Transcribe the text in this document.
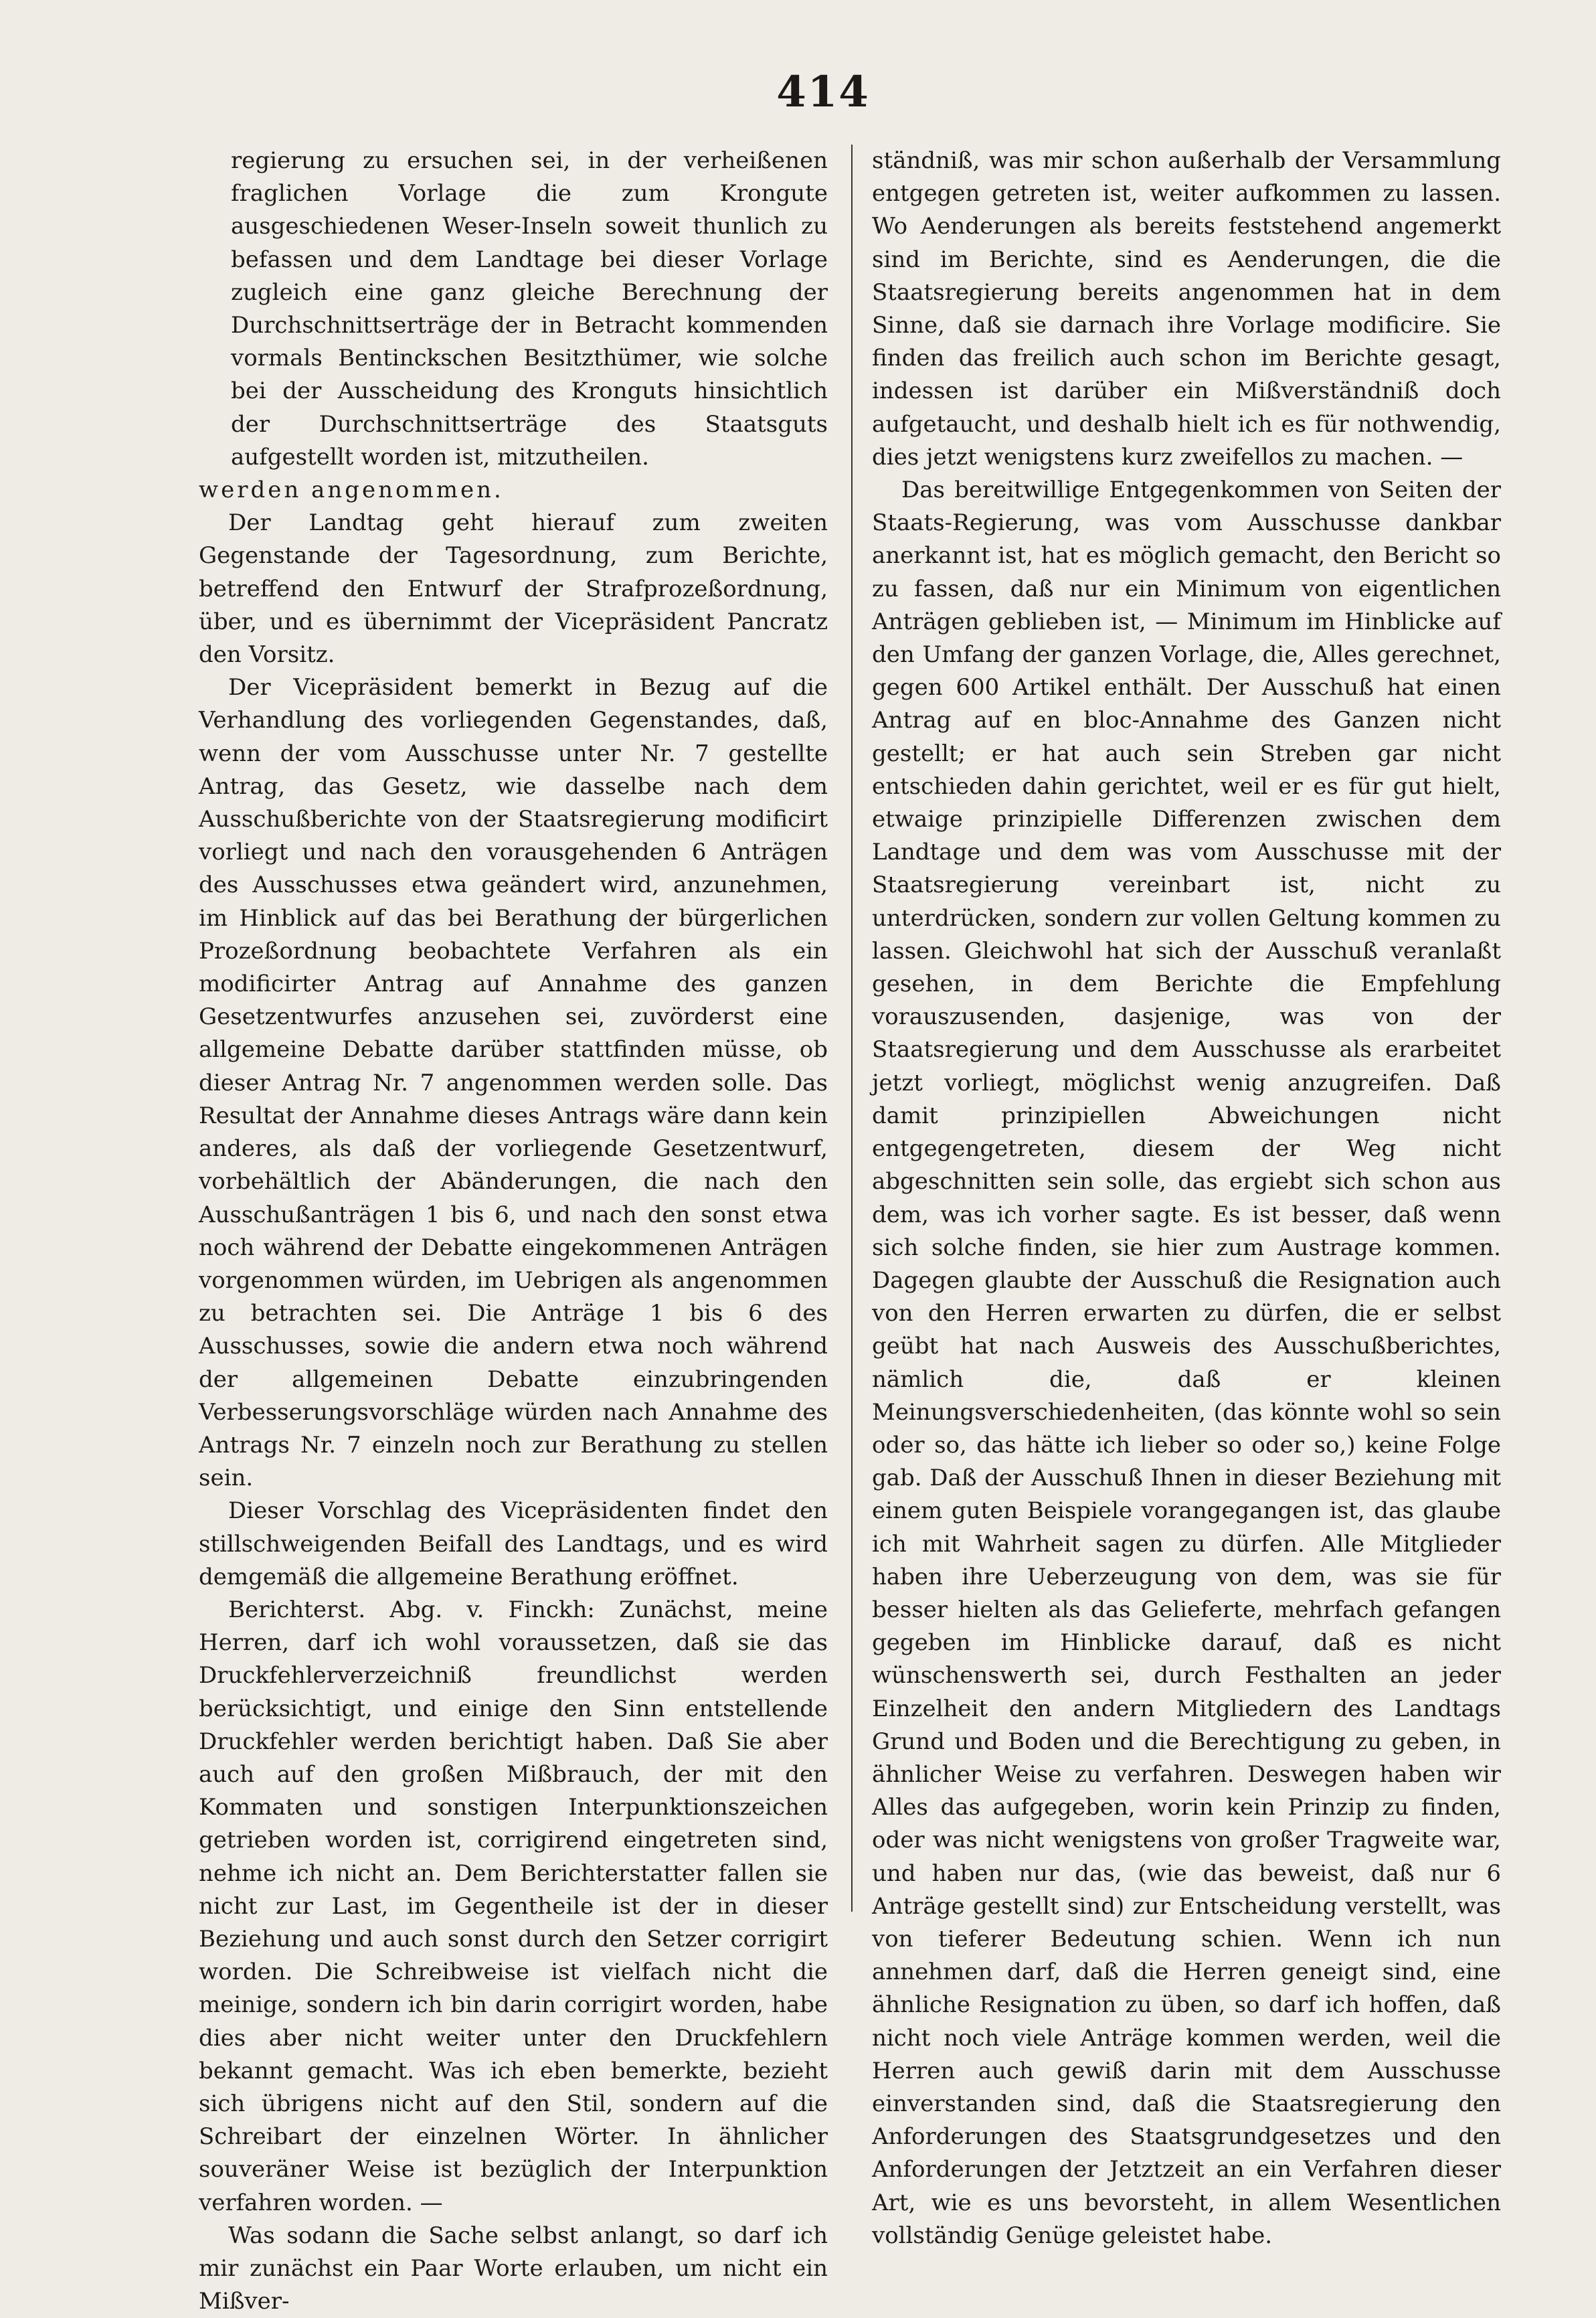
414

regierung zu ersuchen sei, in der verheißenen fraglichen Vorlage die zum Krongute ausgeschiedenen Weser-Inseln soweit thunlich zu befassen und dem Landtage bei dieser Vorlage zugleich eine ganz gleiche Berechnung der Durchschnittserträge der in Betracht kommenden vormals Bentinckschen Besitzthümer, wie solche bei der Ausscheidung des Kronguts hinsichtlich der Durchschnittserträge des Staatsguts aufgestellt worden ist, mitzutheilen.

werden angenommen.

Der Landtag geht hierauf zum zweiten Gegenstande der Tagesordnung, zum Berichte, betreffend den Entwurf der Strafprozeßordnung, über, und es übernimmt der Vicepräsident Pancratz den Vorsitz.

Der Vicepräsident bemerkt in Bezug auf die Verhandlung des vorliegenden Gegenstandes, daß, wenn der vom Ausschusse unter Nr. 7 gestellte Antrag, das Gesetz, wie dasselbe nach dem Ausschußberichte von der Staatsregierung modificirt vorliegt und nach den vorausgehenden 6 Anträgen des Ausschusses etwa geändert wird, anzunehmen, im Hinblick auf das bei Berathung der bürgerlichen Prozeßordnung beobachtete Verfahren als ein modificirter Antrag auf Annahme des ganzen Gesetzentwurfes anzusehen sei, zuvörderst eine allgemeine Debatte darüber stattfinden müsse, ob dieser Antrag Nr. 7 angenommen werden solle. Das Resultat der Annahme dieses Antrags wäre dann kein anderes, als daß der vorliegende Gesetzentwurf, vorbehältlich der Abänderungen, die nach den Ausschußanträgen 1 bis 6, und nach den sonst etwa noch während der Debatte eingekommenen Anträgen vorgenommen würden, im Uebrigen als angenommen zu betrachten sei. Die Anträge 1 bis 6 des Ausschusses, sowie die andern etwa noch während der allgemeinen Debatte einzubringenden Verbesserungsvorschläge würden nach Annahme des Antrags Nr. 7 einzeln noch zur Berathung zu stellen sein.

Dieser Vorschlag des Vicepräsidenten findet den stillschweigenden Beifall des Landtags, und es wird demgemäß die allgemeine Berathung eröffnet.

Berichterst. Abg. v. Finckh: Zunächst, meine Herren, darf ich wohl voraussetzen, daß sie das Druckfehlerverzeichniß freundlichst werden berücksichtigt, und einige den Sinn entstellende Druckfehler werden berichtigt haben. Daß Sie aber auch auf den großen Mißbrauch, der mit den Kommaten und sonstigen Interpunktionszeichen getrieben worden ist, corrigirend eingetreten sind, nehme ich nicht an. Dem Berichterstatter fallen sie nicht zur Last, im Gegentheile ist der in dieser Beziehung und auch sonst durch den Setzer corrigirt worden. Die Schreibweise ist vielfach nicht die meinige, sondern ich bin darin corrigirt worden, habe dies aber nicht weiter unter den Druckfehlern bekannt gemacht. Was ich eben bemerkte, bezieht sich übrigens nicht auf den Stil, sondern auf die Schreibart der einzelnen Wörter. In ähnlicher souveräner Weise ist bezüglich der Interpunktion verfahren worden. —

Was sodann die Sache selbst anlangt, so darf ich mir zunächst ein Paar Worte erlauben, um nicht ein Mißver-

ständniß, was mir schon außerhalb der Versammlung entgegen getreten ist, weiter aufkommen zu lassen. Wo Aenderungen als bereits feststehend angemerkt sind im Berichte, sind es Aenderungen, die die Staatsregierung bereits angenommen hat in dem Sinne, daß sie darnach ihre Vorlage modificire. Sie finden das freilich auch schon im Berichte gesagt, indessen ist darüber ein Mißverständniß doch aufgetaucht, und deshalb hielt ich es für nothwendig, dies jetzt wenigstens kurz zweifellos zu machen. —

Das bereitwillige Entgegenkommen von Seiten der Staats-Regierung, was vom Ausschusse dankbar anerkannt ist, hat es möglich gemacht, den Bericht so zu fassen, daß nur ein Minimum von eigentlichen Anträgen geblieben ist, — Minimum im Hinblicke auf den Umfang der ganzen Vorlage, die, Alles gerechnet, gegen 600 Artikel enthält. Der Ausschuß hat einen Antrag auf en bloc-Annahme des Ganzen nicht gestellt; er hat auch sein Streben gar nicht entschieden dahin gerichtet, weil er es für gut hielt, etwaige prinzipielle Differenzen zwischen dem Landtage und dem was vom Ausschusse mit der Staatsregierung vereinbart ist, nicht zu unterdrücken, sondern zur vollen Geltung kommen zu lassen. Gleichwohl hat sich der Ausschuß veranlaßt gesehen, in dem Berichte die Empfehlung vorauszusenden, dasjenige, was von der Staatsregierung und dem Ausschusse als erarbeitet jetzt vorliegt, möglichst wenig anzugreifen. Daß damit prinzipiellen Abweichungen nicht entgegengetreten, diesem der Weg nicht abgeschnitten sein solle, das ergiebt sich schon aus dem, was ich vorher sagte. Es ist besser, daß wenn sich solche finden, sie hier zum Austrage kommen. Dagegen glaubte der Ausschuß die Resignation auch von den Herren erwarten zu dürfen, die er selbst geübt hat nach Ausweis des Ausschußberichtes, nämlich die, daß er kleinen Meinungsverschiedenheiten, (das könnte wohl so sein oder so, das hätte ich lieber so oder so,) keine Folge gab. Daß der Ausschuß Ihnen in dieser Beziehung mit einem guten Beispiele vorangegangen ist, das glaube ich mit Wahrheit sagen zu dürfen. Alle Mitglieder haben ihre Ueberzeugung von dem, was sie für besser hielten als das Gelieferte, mehrfach gefangen gegeben im Hinblicke darauf, daß es nicht wünschenswerth sei, durch Festhalten an jeder Einzelheit den andern Mitgliedern des Landtags Grund und Boden und die Berechtigung zu geben, in ähnlicher Weise zu verfahren. Deswegen haben wir Alles das aufgegeben, worin kein Prinzip zu finden, oder was nicht wenigstens von großer Tragweite war, und haben nur das, (wie das beweist, daß nur 6 Anträge gestellt sind) zur Entscheidung verstellt, was von tieferer Bedeutung schien. Wenn ich nun annehmen darf, daß die Herren geneigt sind, eine ähnliche Resignation zu üben, so darf ich hoffen, daß nicht noch viele Anträge kommen werden, weil die Herren auch gewiß darin mit dem Ausschusse einverstanden sind, daß die Staatsregierung den Anforderungen des Staatsgrundgesetzes und den Anforderungen der Jetztzeit an ein Verfahren dieser Art, wie es uns bevorsteht, in allem Wesentlichen vollständig Genüge geleistet habe.
